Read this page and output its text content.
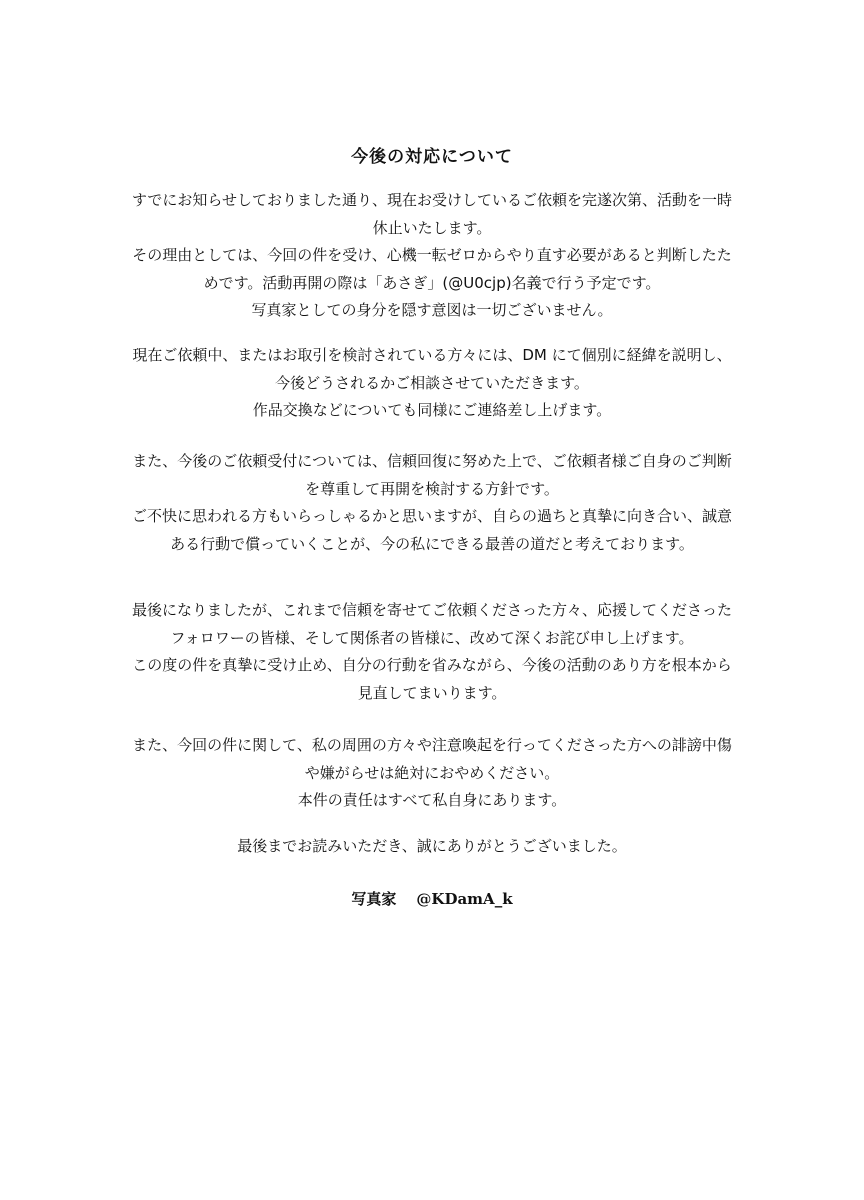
今後の対応について
すでにお知らせしておりました通り、現在お受けしているご依頼を完遂次第、活動を一時
休止いたします。
その理由としては、今回の件を受け、心機一転ゼロからやり直す必要があると判断したた
めです。活動再開の際は「あさぎ」(@U0cjp)名義で行う予定です。
写真家としての身分を隠す意図は一切ございません。
現在ご依頼中、またはお取引を検討されている方々には、DM にて個別に経緯を説明し、
今後どうされるかご相談させていただきます。
作品交換などについても同様にご連絡差し上げます。
また、今後のご依頼受付については、信頼回復に努めた上で、ご依頼者様ご自身のご判断
を尊重して再開を検討する方針です。
ご不快に思われる方もいらっしゃるかと思いますが、自らの過ちと真摯に向き合い、誠意
ある行動で償っていくことが、今の私にできる最善の道だと考えております。
最後になりましたが、これまで信頼を寄せてご依頼くださった方々、応援してくださった
フォロワーの皆様、そして関係者の皆様に、改めて深くお詫び申し上げます。
この度の件を真摯に受け止め、自分の行動を省みながら、今後の活動のあり方を根本から
見直してまいります。
また、今回の件に関して、私の周囲の方々や注意喚起を行ってくださった方への誹謗中傷
や嫌がらせは絶対におやめください。
本件の責任はすべて私自身にあります。
最後までお読みいただき、誠にありがとうございました。
写真家 @KDamA_k
